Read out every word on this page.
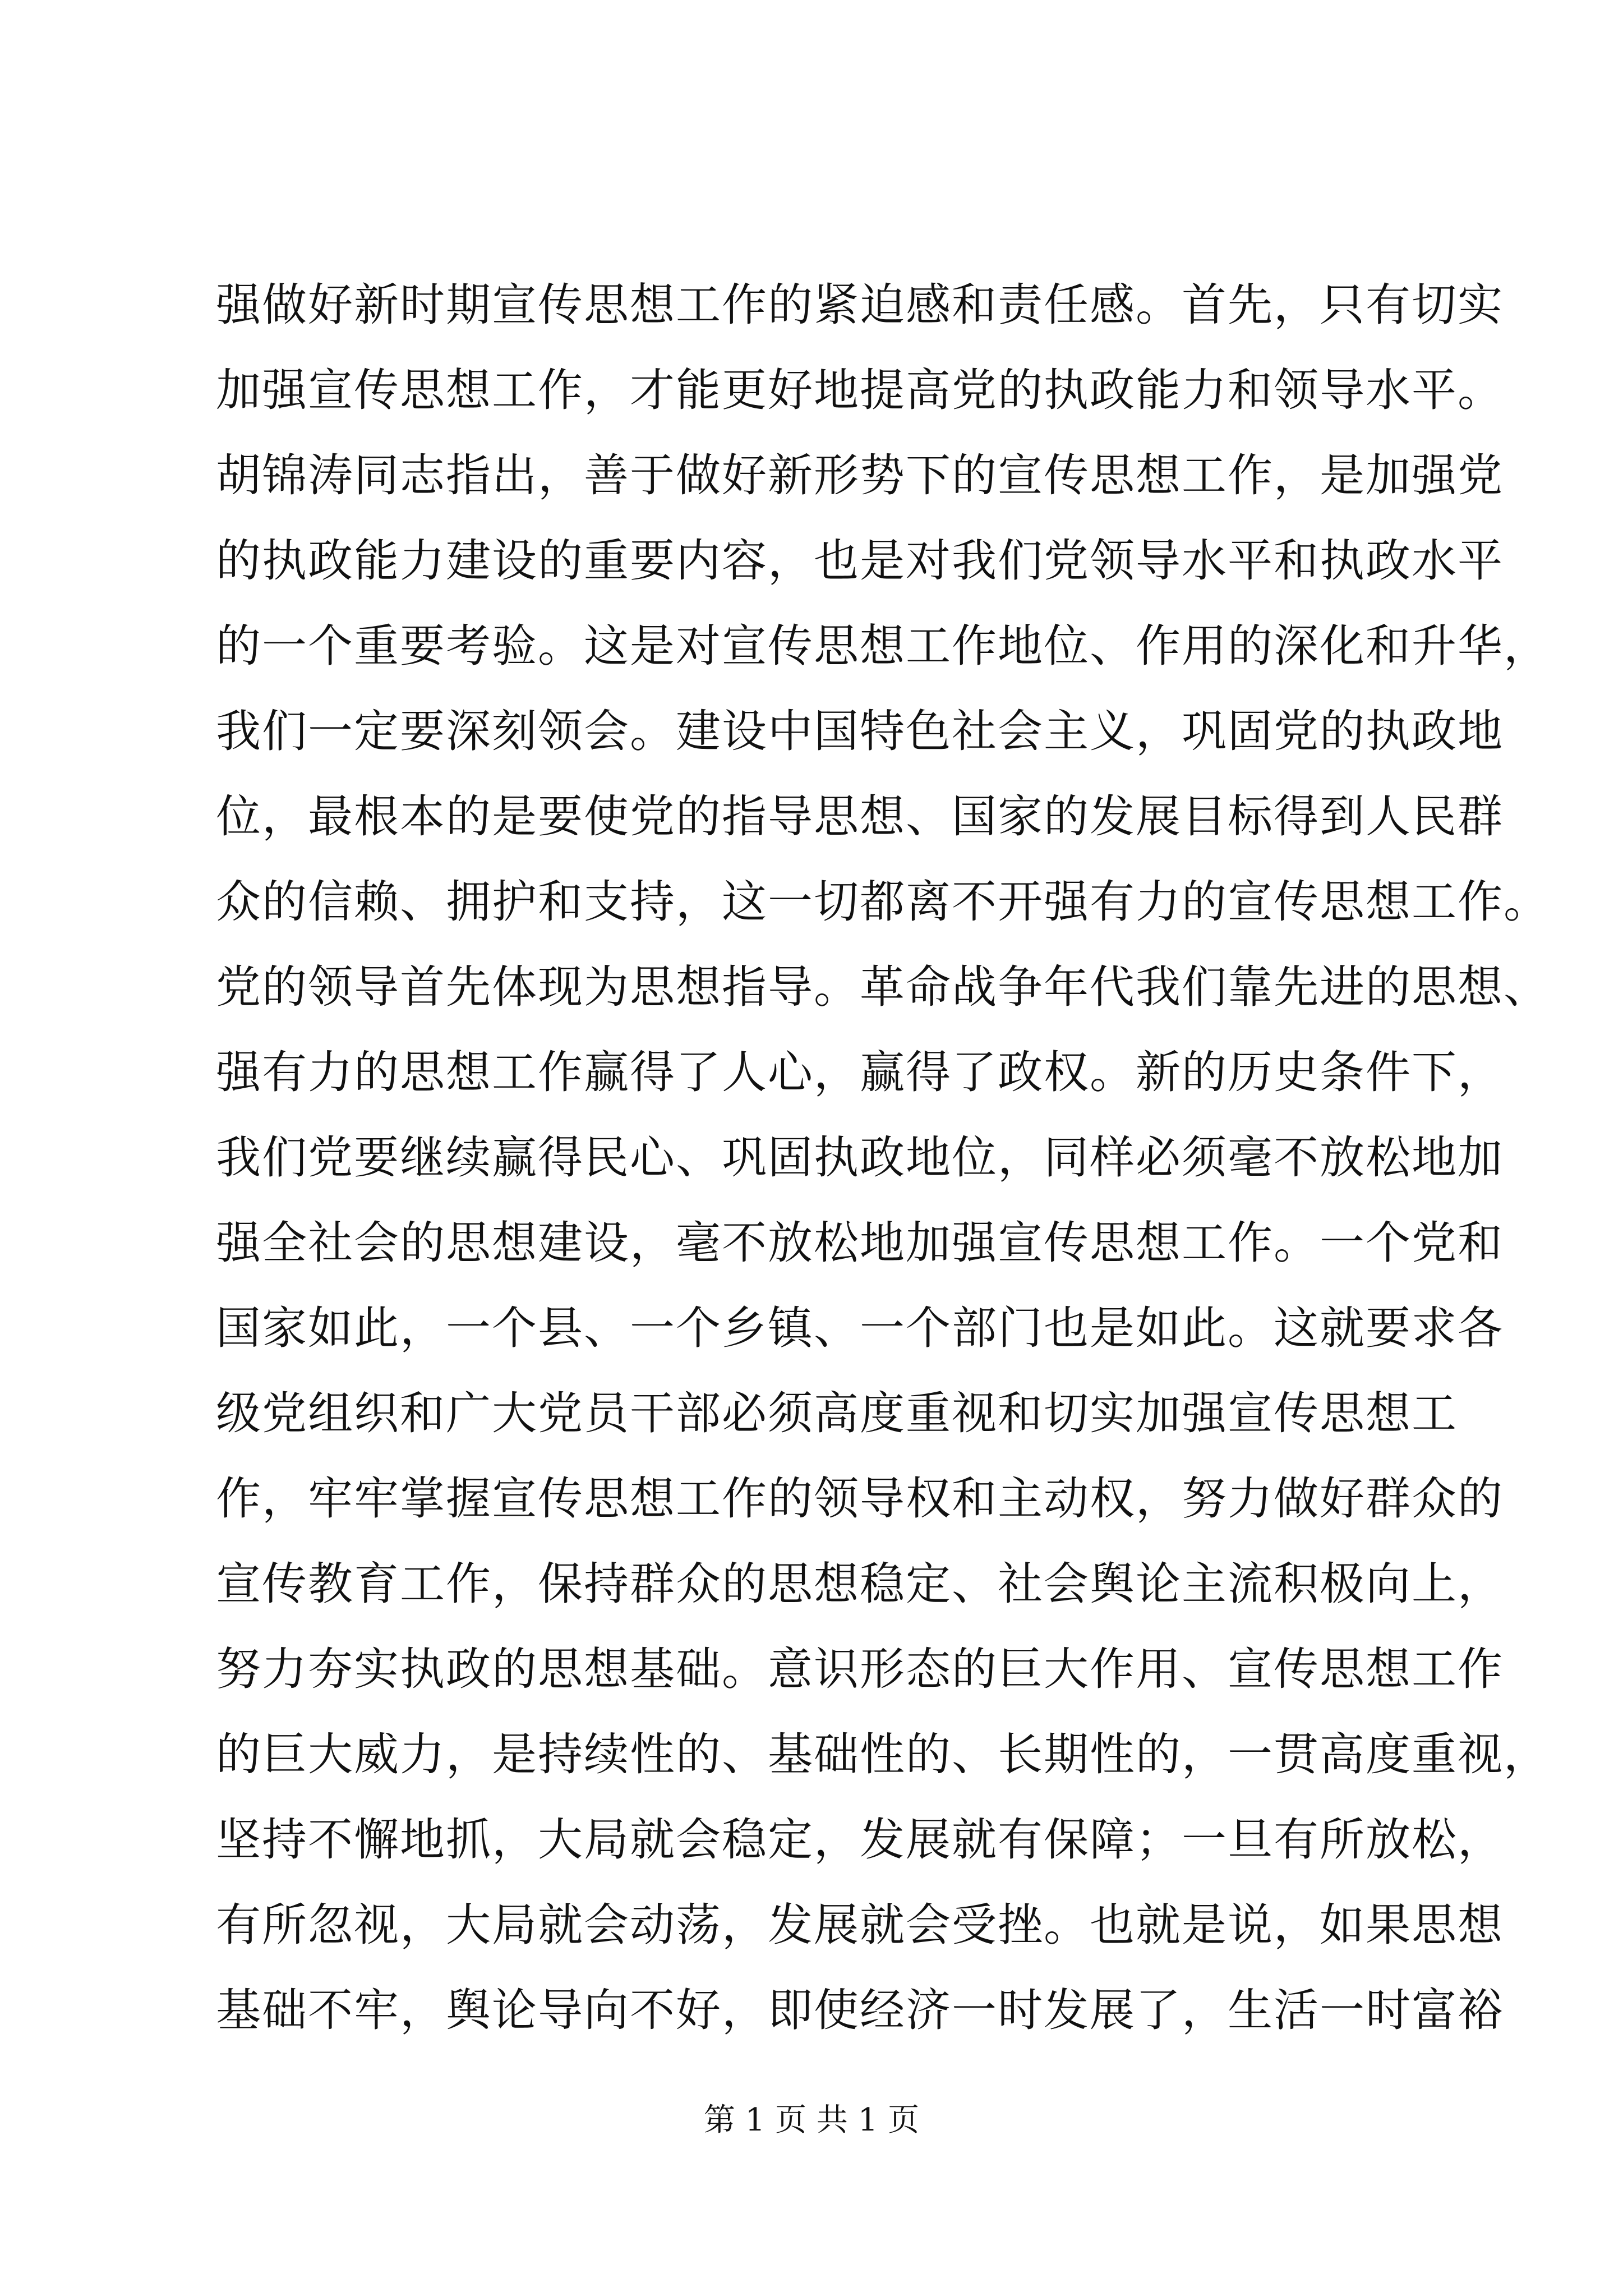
强做好新时期宣传思想工作的紧迫感和责任感。首先，只有切实
加强宣传思想工作，才能更好地提高党的执政能力和领导水平。
胡锦涛同志指出，善于做好新形势下的宣传思想工作，是加强党
的执政能力建设的重要内容，也是对我们党领导水平和执政水平
的一个重要考验。这是对宣传思想工作地位、作用的深化和升华，
我们一定要深刻领会。建设中国特色社会主义，巩固党的执政地
位，最根本的是要使党的指导思想、国家的发展目标得到人民群
众的信赖、拥护和支持，这一切都离不开强有力的宣传思想工作。
党的领导首先体现为思想指导。革命战争年代我们靠先进的思想、
强有力的思想工作赢得了人心，赢得了政权。新的历史条件下，
我们党要继续赢得民心、巩固执政地位，同样必须毫不放松地加
强全社会的思想建设，毫不放松地加强宣传思想工作。一个党和
国家如此，一个县、一个乡镇、一个部门也是如此。这就要求各
级党组织和广大党员干部必须高度重视和切实加强宣传思想工
作，牢牢掌握宣传思想工作的领导权和主动权，努力做好群众的
宣传教育工作，保持群众的思想稳定、社会舆论主流积极向上，
努力夯实执政的思想基础。意识形态的巨大作用、宣传思想工作
的巨大威力，是持续性的、基础性的、长期性的，一贯高度重视，
坚持不懈地抓，大局就会稳定，发展就有保障；一旦有所放松，
有所忽视，大局就会动荡，发展就会受挫。也就是说，如果思想
基础不牢，舆论导向不好，即使经济一时发展了，生活一时富裕
第 1 页 共 1 页
